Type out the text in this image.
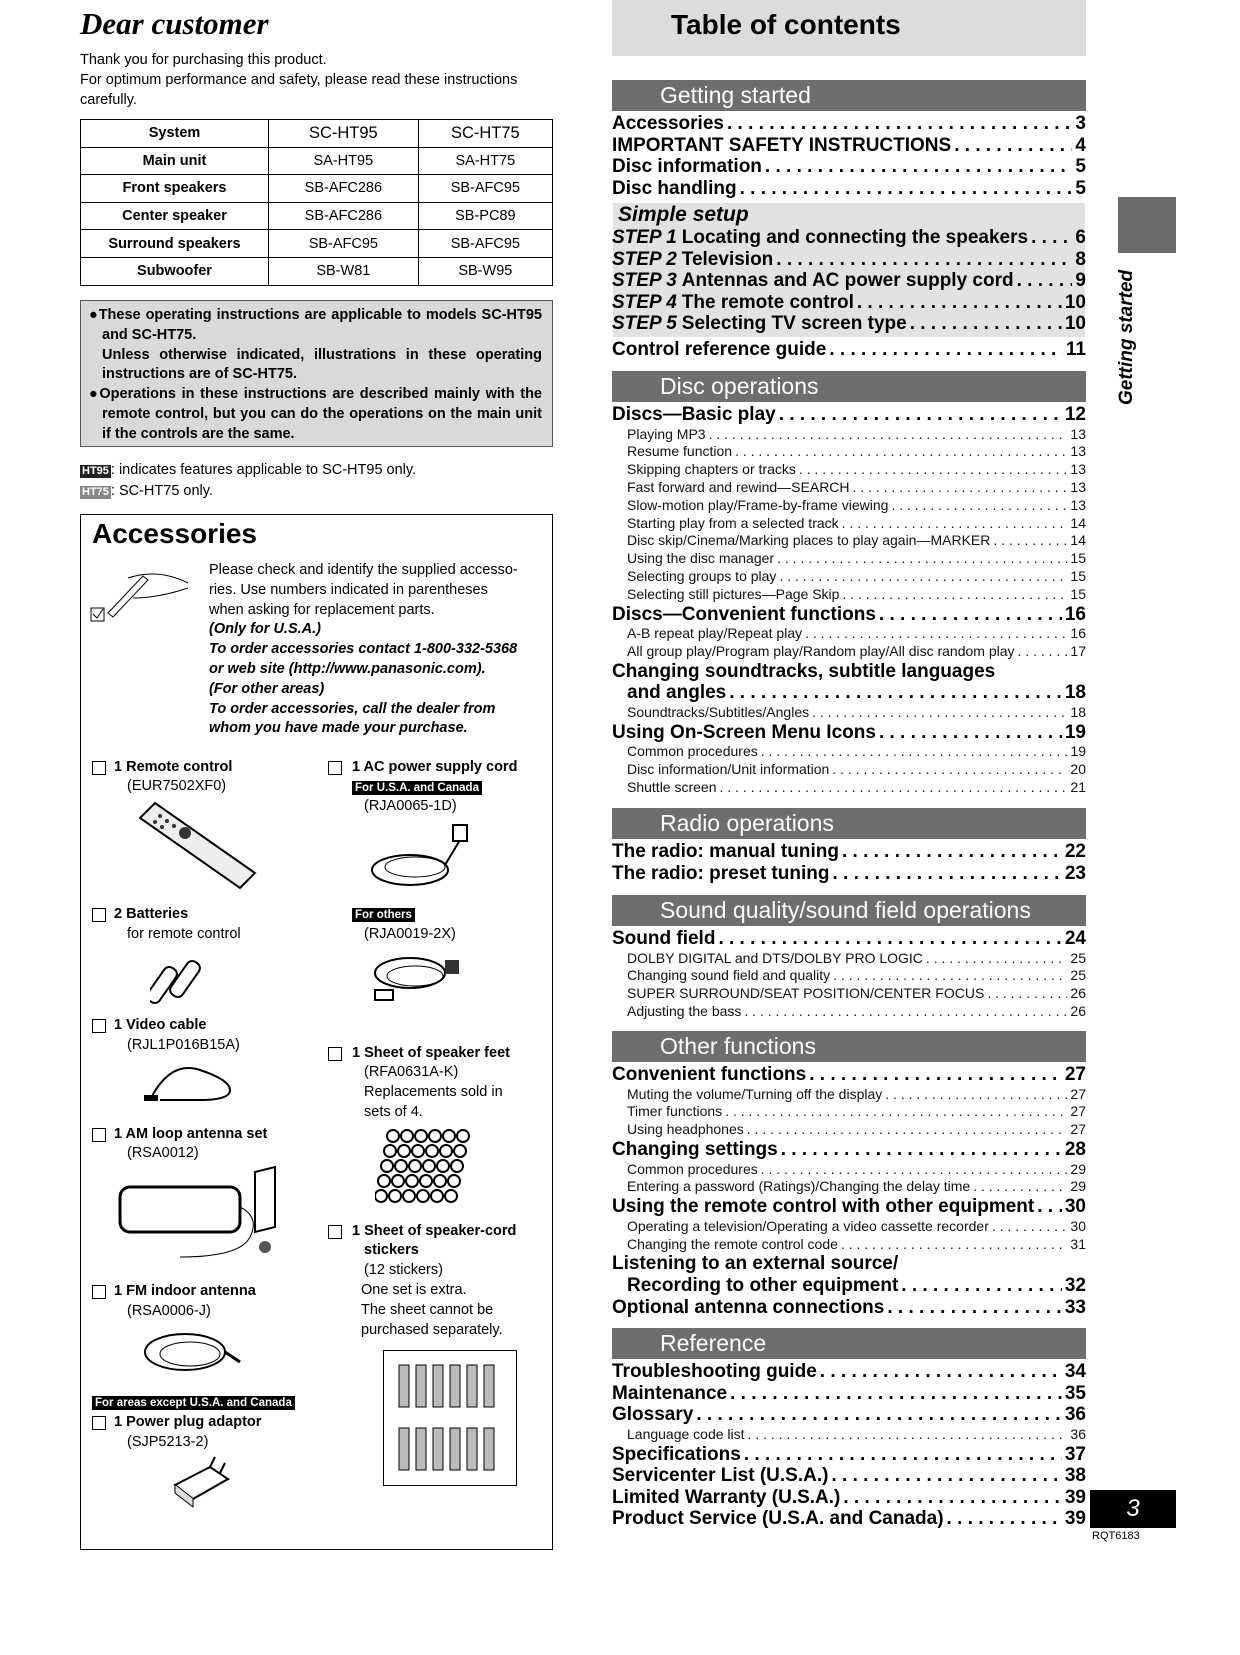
Dear customer
Thank you for purchasing this product.
For optimum performance and safety, please read these instructions
carefully.
System	SC-HT95	SC-HT75
Main unit	SA-HT95	SA-HT75
Front speakers	SB-AFC286	SB-AFC95
Center speaker	SB-AFC286	SB-PC89
Surround speakers	SB-AFC95	SB-AFC95
Subwoofer	SB-W81	SB-W95

●These operating instructions are applicable to models SC-HT95 and SC-HT75.

Unless otherwise indicated, illustrations in these operating instructions are of SC-HT75.

●Operations in these instructions are described mainly with the remote control, but you can do the operations on the main unit if the controls are the same.

HT95 : indicates features applicable to SC-HT95 only.
HT75 : SC-HT75 only.
Accessories
Please check and identify the supplied accesso-
ries. Use numbers indicated in parentheses
when asking for replacement parts.
(Only for U.S.A.)
To order accessories contact 1-800-332-5368
or web site (http://www.panasonic.com).
(For other areas)
To order accessories, call the dealer from
whom you have made your purchase.
1 Remote control
(EUR7502XF0)
2 Batteries
for remote control
1 Video cable
(RJL1P016B15A)
1 AM loop antenna set
(RSA0012)
1 FM indoor antenna
(RSA0006-J)
For areas except U.S.A. and Canada
1 Power plug adaptor
(SJP5213-2)
1 AC power supply cord
For U.S.A. and Canada
(RJA0065-1D)
For others
(RJA0019-2X)
1 Sheet of speaker feet
(RFA0631A-K)
Replacements sold in
sets of 4.
1 Sheet of speaker-cord
stickers
(12 stickers)
One set is extra.
The sheet cannot be
purchased separately.
Table of contents
Getting started
Accessories . . .	3
IMPORTANT SAFETY INSTRUCTIONS . . .	4
Disc information . . .	5
Disc handling . . .	5
Simple setup
STEP 1 Locating and connecting the speakers . . . 6
STEP 2 Television . . .	8
STEP 3 Antennas and AC power supply cord . . .	9
STEP 4 The remote control . . .	10
STEP 5 Selecting TV screen type . . .	10
Control reference guide . . .	11
Disc operations
Discs—Basic play . . .	12
Playing MP3 . . .	13
Resume function . . .	13
Skipping chapters or tracks . . .	13
Fast forward and rewind—SEARCH . . .	13
Slow-motion play/Frame-by-frame viewing . . .	13
Starting play from a selected track . . .	14
Disc skip/Cinema/Marking places to play again—MARKER . . .	14
Using the disc manager . . .	15
Selecting groups to play . . .	15
Selecting still pictures—Page Skip . . .	15
Discs—Convenient functions . . .	16
A-B repeat play/Repeat play . . .	16
All group play/Program play/Random play/All disc random play . . .	17
Changing soundtracks, subtitle languages
and angles . . .	18
Soundtracks/Subtitles/Angles . . .	18
Using On-Screen Menu Icons . . .	19
Common procedures . . .	19
Disc information/Unit information . . .	20
Shuttle screen . . .	21
Radio operations
The radio: manual tuning . . .	22
The radio: preset tuning . . .	23
Sound quality/sound field operations
Sound field . . .	24
DOLBY DIGITAL and DTS/DOLBY PRO LOGIC . . .	25
Changing sound field and quality . . .	25
SUPER SURROUND/SEAT POSITION/CENTER FOCUS . . .	26
Adjusting the bass . . .	26
Other functions
Convenient functions . . .	27
Muting the volume/Turning off the display . . .	27
Timer functions . . .	27
Using headphones . . .	27
Changing settings . . .	28
Common procedures . . .	29
Entering a password (Ratings)/Changing the delay time . . .	29
Using the remote control with other equipment . . . 30
Operating a television/Operating a video cassette recorder . . .	30
Changing the remote control code . . .	31
Listening to an external source/
Recording to other equipment . . .	32
Optional antenna connections . . .	33
Reference
Troubleshooting guide . . .	34
Maintenance . . .	35
Glossary . . .	36
Language code list . . .	36
Specifications . . .	37
Servicenter List (U.S.A.) . . .	38
Limited Warranty (U.S.A.) . . .	39
Product Service (U.S.A. and Canada) . . .	39
Getting started
3
RQT6183
